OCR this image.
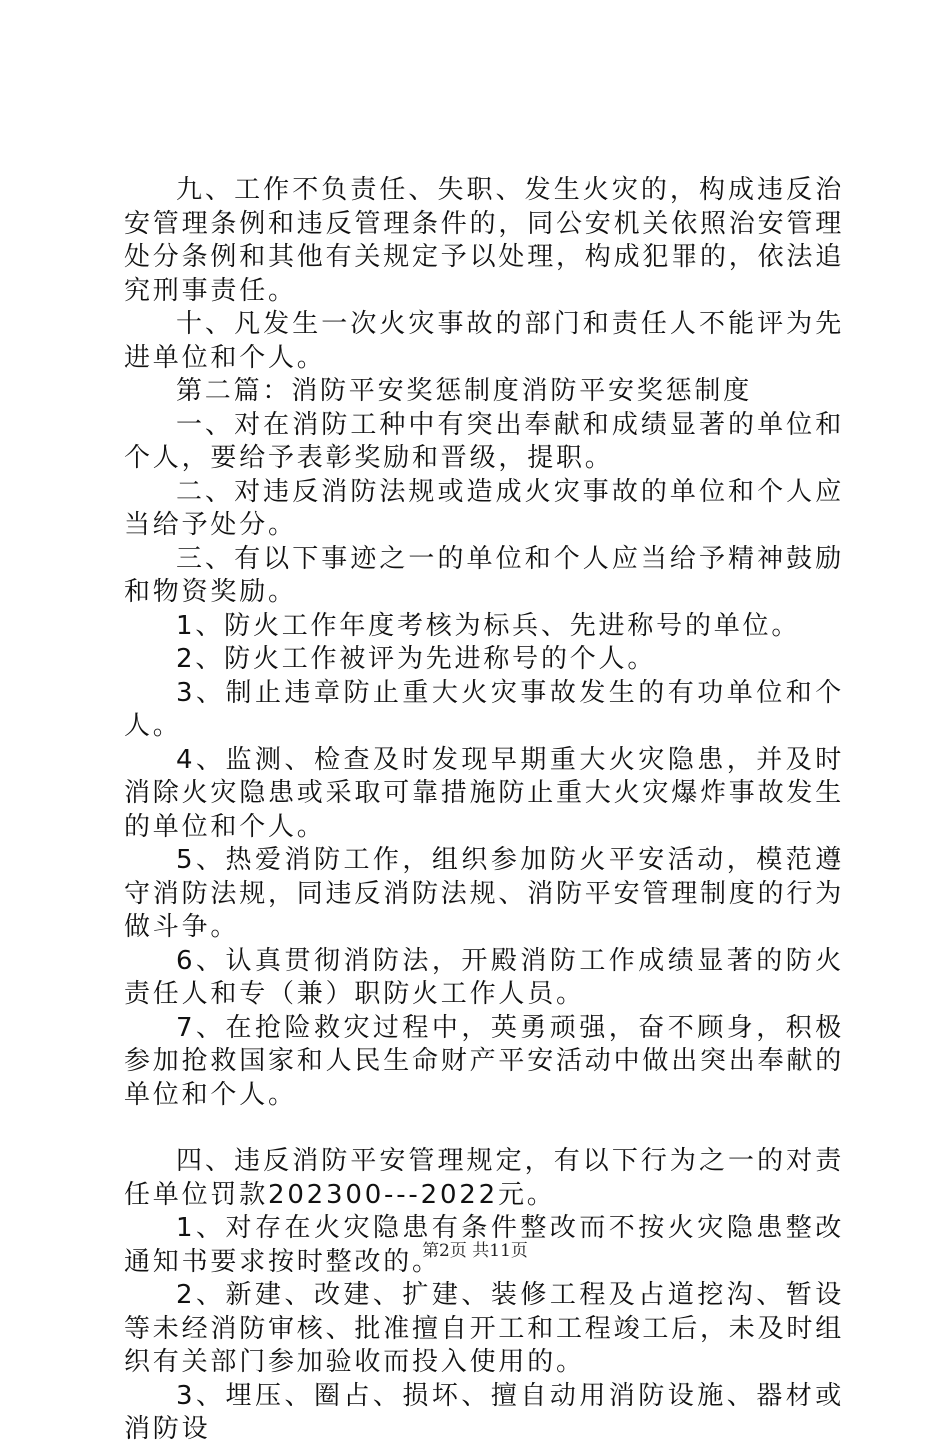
九、工作不负责任、失职、发生火灾的，构成违反治安管理条例和违反管理条件的，同公安机关依照治安管理处分条例和其他有关规定予以处理，构成犯罪的，依法追究刑事责任。

十、凡发生一次火灾事故的部门和责任人不能评为先进单位和个人。

第二篇：消防平安奖惩制度消防平安奖惩制度

一、对在消防工种中有突出奉献和成绩显著的单位和个人，要给予表彰奖励和晋级，提职。

二、对违反消防法规或造成火灾事故的单位和个人应当给予处分。

三、有以下事迹之一的单位和个人应当给予精神鼓励和物资奖励。

1、防火工作年度考核为标兵、先进称号的单位。

2、防火工作被评为先进称号的个人。

3、制止违章防止重大火灾事故发生的有功单位和个人。

4、监测、检查及时发现早期重大火灾隐患，并及时消除火灾隐患或采取可靠措施防止重大火灾爆炸事故发生的单位和个人。

5、热爱消防工作，组织参加防火平安活动，模范遵守消防法规，同违反消防法规、消防平安管理制度的行为做斗争。

6、认真贯彻消防法，开殿消防工作成绩显著的防火责任人和专（兼）职防火工作人员。

7、在抢险救灾过程中，英勇顽强，奋不顾身，积极参加抢救国家和人民生命财产平安活动中做出突出奉献的单位和个人。

四、违反消防平安管理规定，有以下行为之一的对责任单位罚款202300---2022元。

1、对存在火灾隐患有条件整改而不按火灾隐患整改通知书要求按时整改的。

2、新建、改建、扩建、装修工程及占道挖沟、暂设等未经消防审核、批准擅自开工和工程竣工后，未及时组织有关部门参加验收而投入使用的。

3、埋压、圈占、损坏、擅自动用消防设施、器材或消防设

第2页 共11页
